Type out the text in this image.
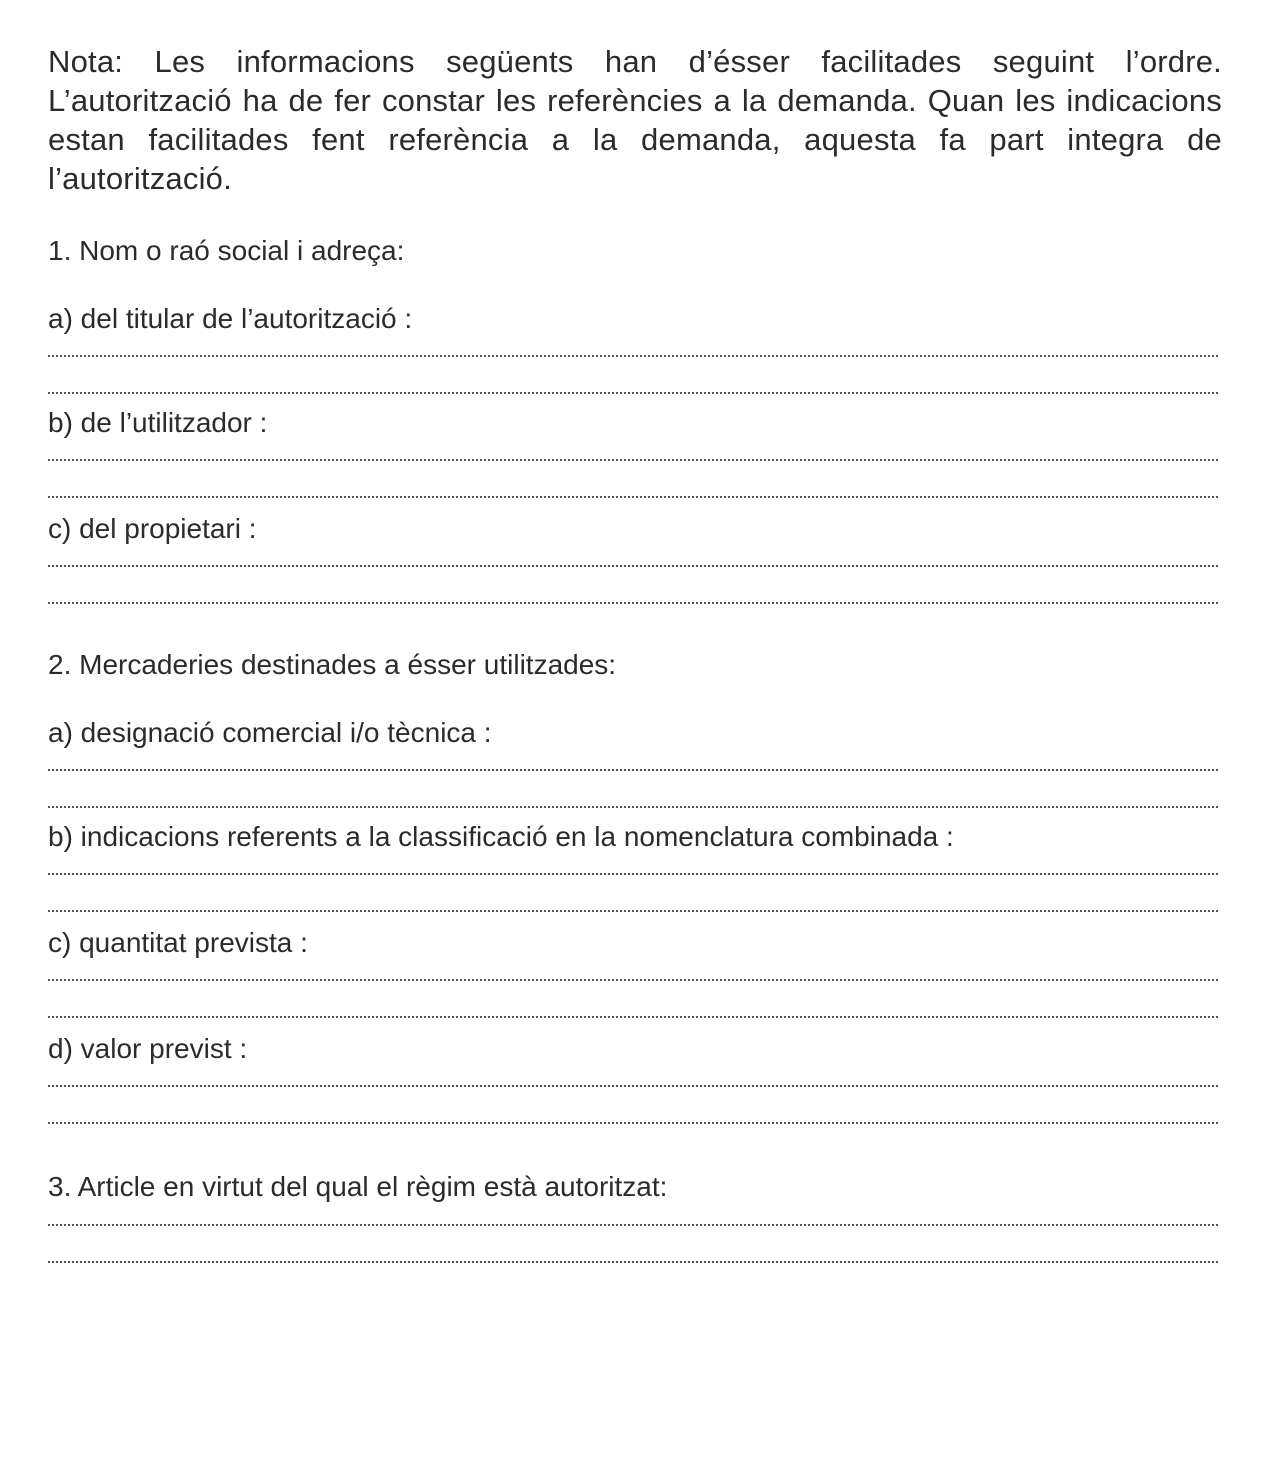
Nota: Les informacions següents han d’ésser facilitades seguint l’ordre. L’autorització ha de fer constar les referències a la demanda. Quan les indicacions estan facilitades fent referència a la demanda, aquesta fa part integra de l’autorització.

1. Nom o raó social i adreça:

a) del titular de l’autorització :

b) de l’utilitzador :

c) del propietari :

2. Mercaderies destinades a ésser utilitzades:

a) designació comercial i/o tècnica :

b) indicacions referents a la classificació en la nomenclatura combinada :

c) quantitat prevista :

d) valor previst :

3. Article en virtut del qual el règim està autoritzat:
